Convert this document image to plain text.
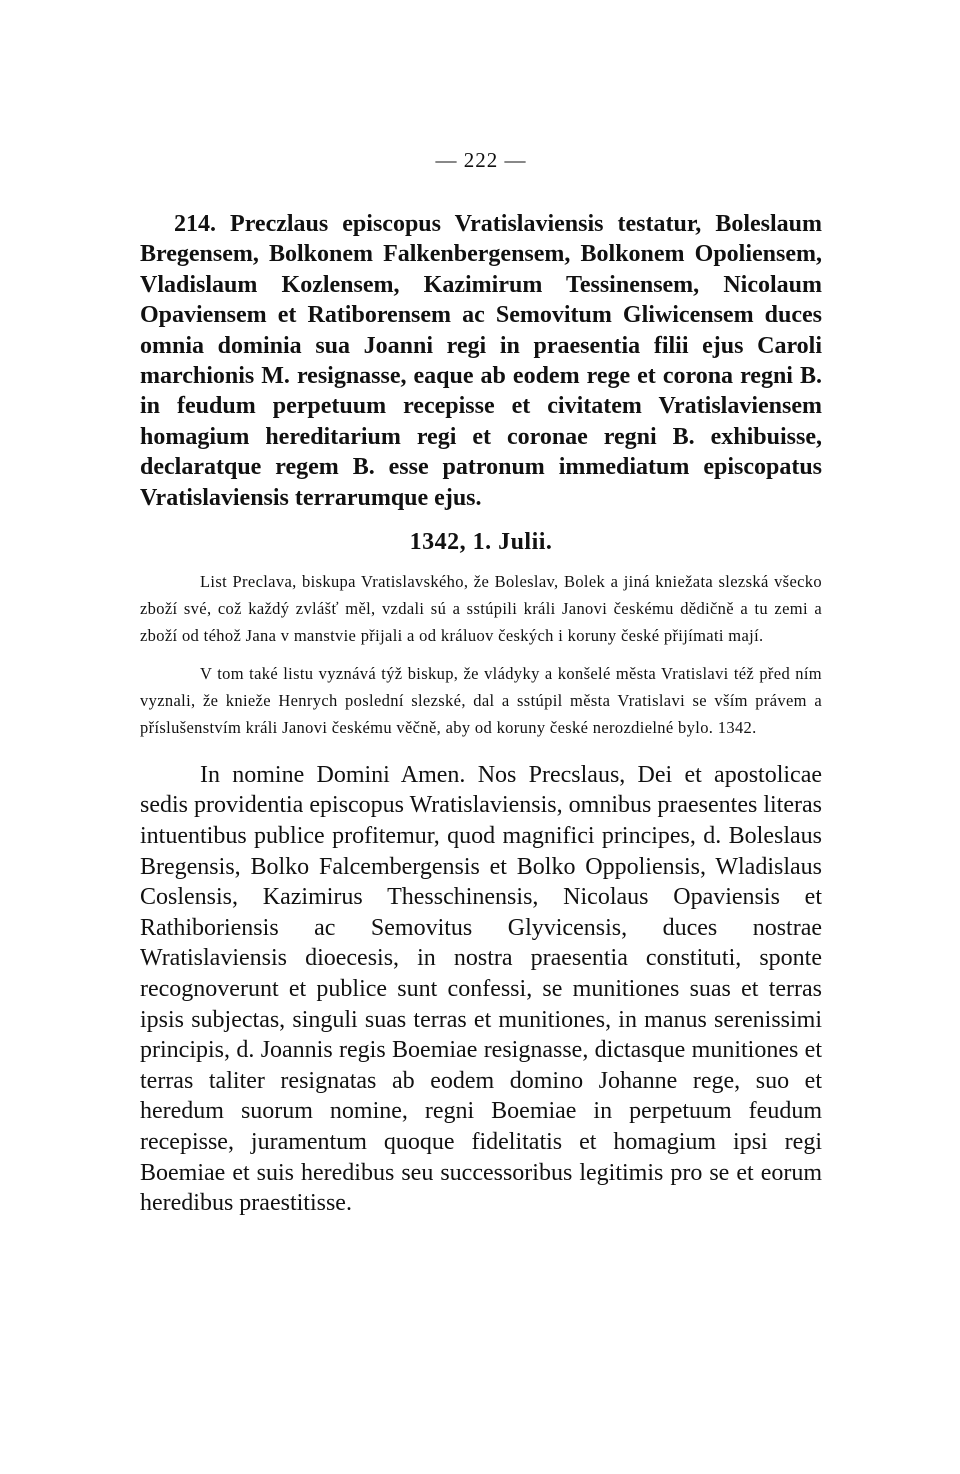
— 222 —

214. Preczlaus episcopus Vratislaviensis testatur, Boleslaum Bregensem, Bolkonem Falkenbergensem, Bolkonem Opoliensem, Vladislaum Kozlensem, Kazimirum Tessinensem, Nicolaum Opaviensem et Ratiborensem ac Semovitum Gliwicensem duces omnia dominia sua Joanni regi in praesentia filii ejus Caroli marchionis M. resignasse, eaque ab eodem rege et corona regni B. in feudum perpetuum recepisse et civitatem Vratislaviensem homagium hereditarium regi et coronae regni B. exhibuisse, declaratque regem B. esse patronum immediatum episcopatus Vratislaviensis terrarumque ejus.

1342, 1. Julii.

List Preclava, biskupa Vratislavského, že Boleslav, Bolek a jiná kniežata slezská všecko zboží své, což každý zvlášť měl, vzdali sú a sstúpili králi Janovi českému dědičně a tu zemi a zboží od téhož Jana v manstvie přijali a od králuov českých i koruny české přijímati mají.

V tom také listu vyznává týž biskup, že vládyky a konšelé města Vratislavi též před ním vyznali, že knieže Henrych poslední slezské, dal a sstúpil města Vratislavi se vším právem a příslušenstvím králi Janovi českému věčně, aby od koruny české nerozdielné bylo. 1342.

In nomine Domini Amen. Nos Precslaus, Dei et apostolicae sedis providentia episcopus Wratislaviensis, omnibus praesentes literas intuentibus publice profitemur, quod magnifici principes, d. Boleslaus Bregensis, Bolko Falcembergensis et Bolko Oppoliensis, Wladislaus Coslensis, Kazimirus Thesschinensis, Nicolaus Opaviensis et Rathiboriensis ac Semovitus Glyvicensis, duces nostrae Wratislaviensis dioecesis, in nostra praesentia constituti, sponte recognoverunt et publice sunt confessi, se munitiones suas et terras ipsis subjectas, singuli suas terras et munitiones, in manus serenissimi principis, d. Joannis regis Boemiae resignasse, dictasque munitiones et terras taliter resignatas ab eodem domino Johanne rege, suo et heredum suorum nomine, regni Boemiae in perpetuum feudum recepisse, juramentum quoque fidelitatis et homagium ipsi regi Boemiae et suis heredibus seu successoribus legitimis pro se et eorum heredibus praestitisse.
